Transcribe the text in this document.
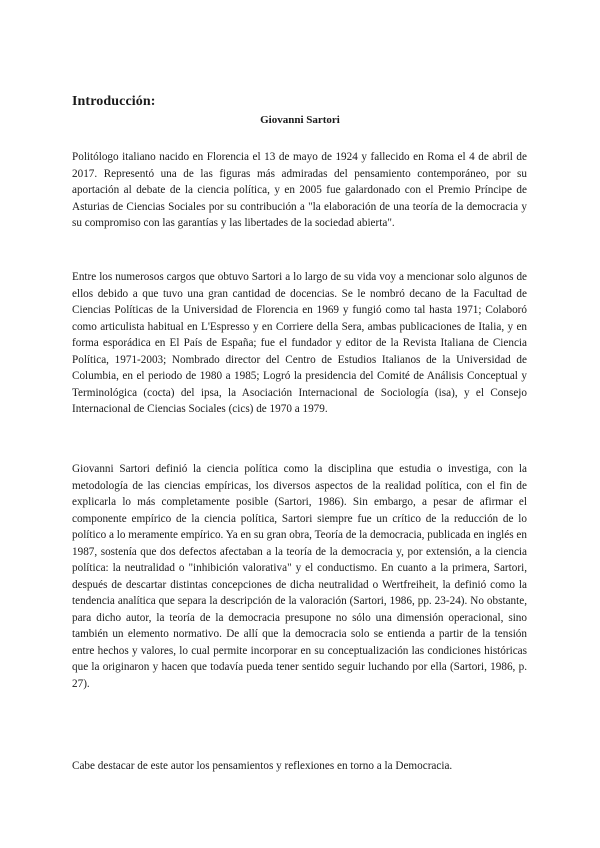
Introducción:
Giovanni Sartori

Politólogo italiano nacido en Florencia el 13 de mayo de 1924 y fallecido en Roma el 4 de abril de 2017. Representó una de las figuras más admiradas del pensamiento contemporáneo, por su aportación al debate de la ciencia política, y en 2005 fue galardonado con el Premio Príncipe de Asturias de Ciencias Sociales por su contribución a "la elaboración de una teoría de la democracia y su compromiso con las garantías y las libertades de la sociedad abierta".

Entre los numerosos cargos que obtuvo Sartori a lo largo de su vida voy a mencionar solo algunos de ellos debido a que tuvo una gran cantidad de docencias. Se le nombró decano de la Facultad de Ciencias Políticas de la Universidad de Florencia en 1969 y fungió como tal hasta 1971; Colaboró como articulista habitual en L'Espresso y en Corriere della Sera, ambas publicaciones de Italia, y en forma esporádica en El País de España; fue el fundador y editor de la Revista Italiana de Ciencia Política, 1971-2003; Nombrado director del Centro de Estudios Italianos de la Universidad de Columbia, en el periodo de 1980 a 1985; Logró la presidencia del Comité de Análisis Conceptual y Terminológica (cocta) del ipsa, la Asociación Internacional de Sociología (isa), y el Consejo Internacional de Ciencias Sociales (cics) de 1970 a 1979.

Giovanni Sartori definió la ciencia política como la disciplina que estudia o investiga, con la metodología de las ciencias empíricas, los diversos aspectos de la realidad política, con el fin de explicarla lo más completamente posible (Sartori, 1986). Sin embargo, a pesar de afirmar el componente empírico de la ciencia política, Sartori siempre fue un crítico de la reducción de lo político a lo meramente empírico. Ya en su gran obra, Teoría de la democracia, publicada en inglés en 1987, sostenía que dos defectos afectaban a la teoría de la democracia y, por extensión, a la ciencia política: la neutralidad o "inhibición valorativa" y el conductismo. En cuanto a la primera, Sartori, después de descartar distintas concepciones de dicha neutralidad o Wertfreiheit, la definió como la tendencia analítica que separa la descripción de la valoración (Sartori, 1986, pp. 23-24). No obstante, para dicho autor, la teoría de la democracia presupone no sólo una dimensión operacional, sino también un elemento normativo. De allí que la democracia solo se entienda a partir de la tensión entre hechos y valores, lo cual permite incorporar en su conceptualización las condiciones históricas que la originaron y hacen que todavía pueda tener sentido seguir luchando por ella (Sartori, 1986, p. 27).

Cabe destacar de este autor los pensamientos y reflexiones en torno a la Democracia.
